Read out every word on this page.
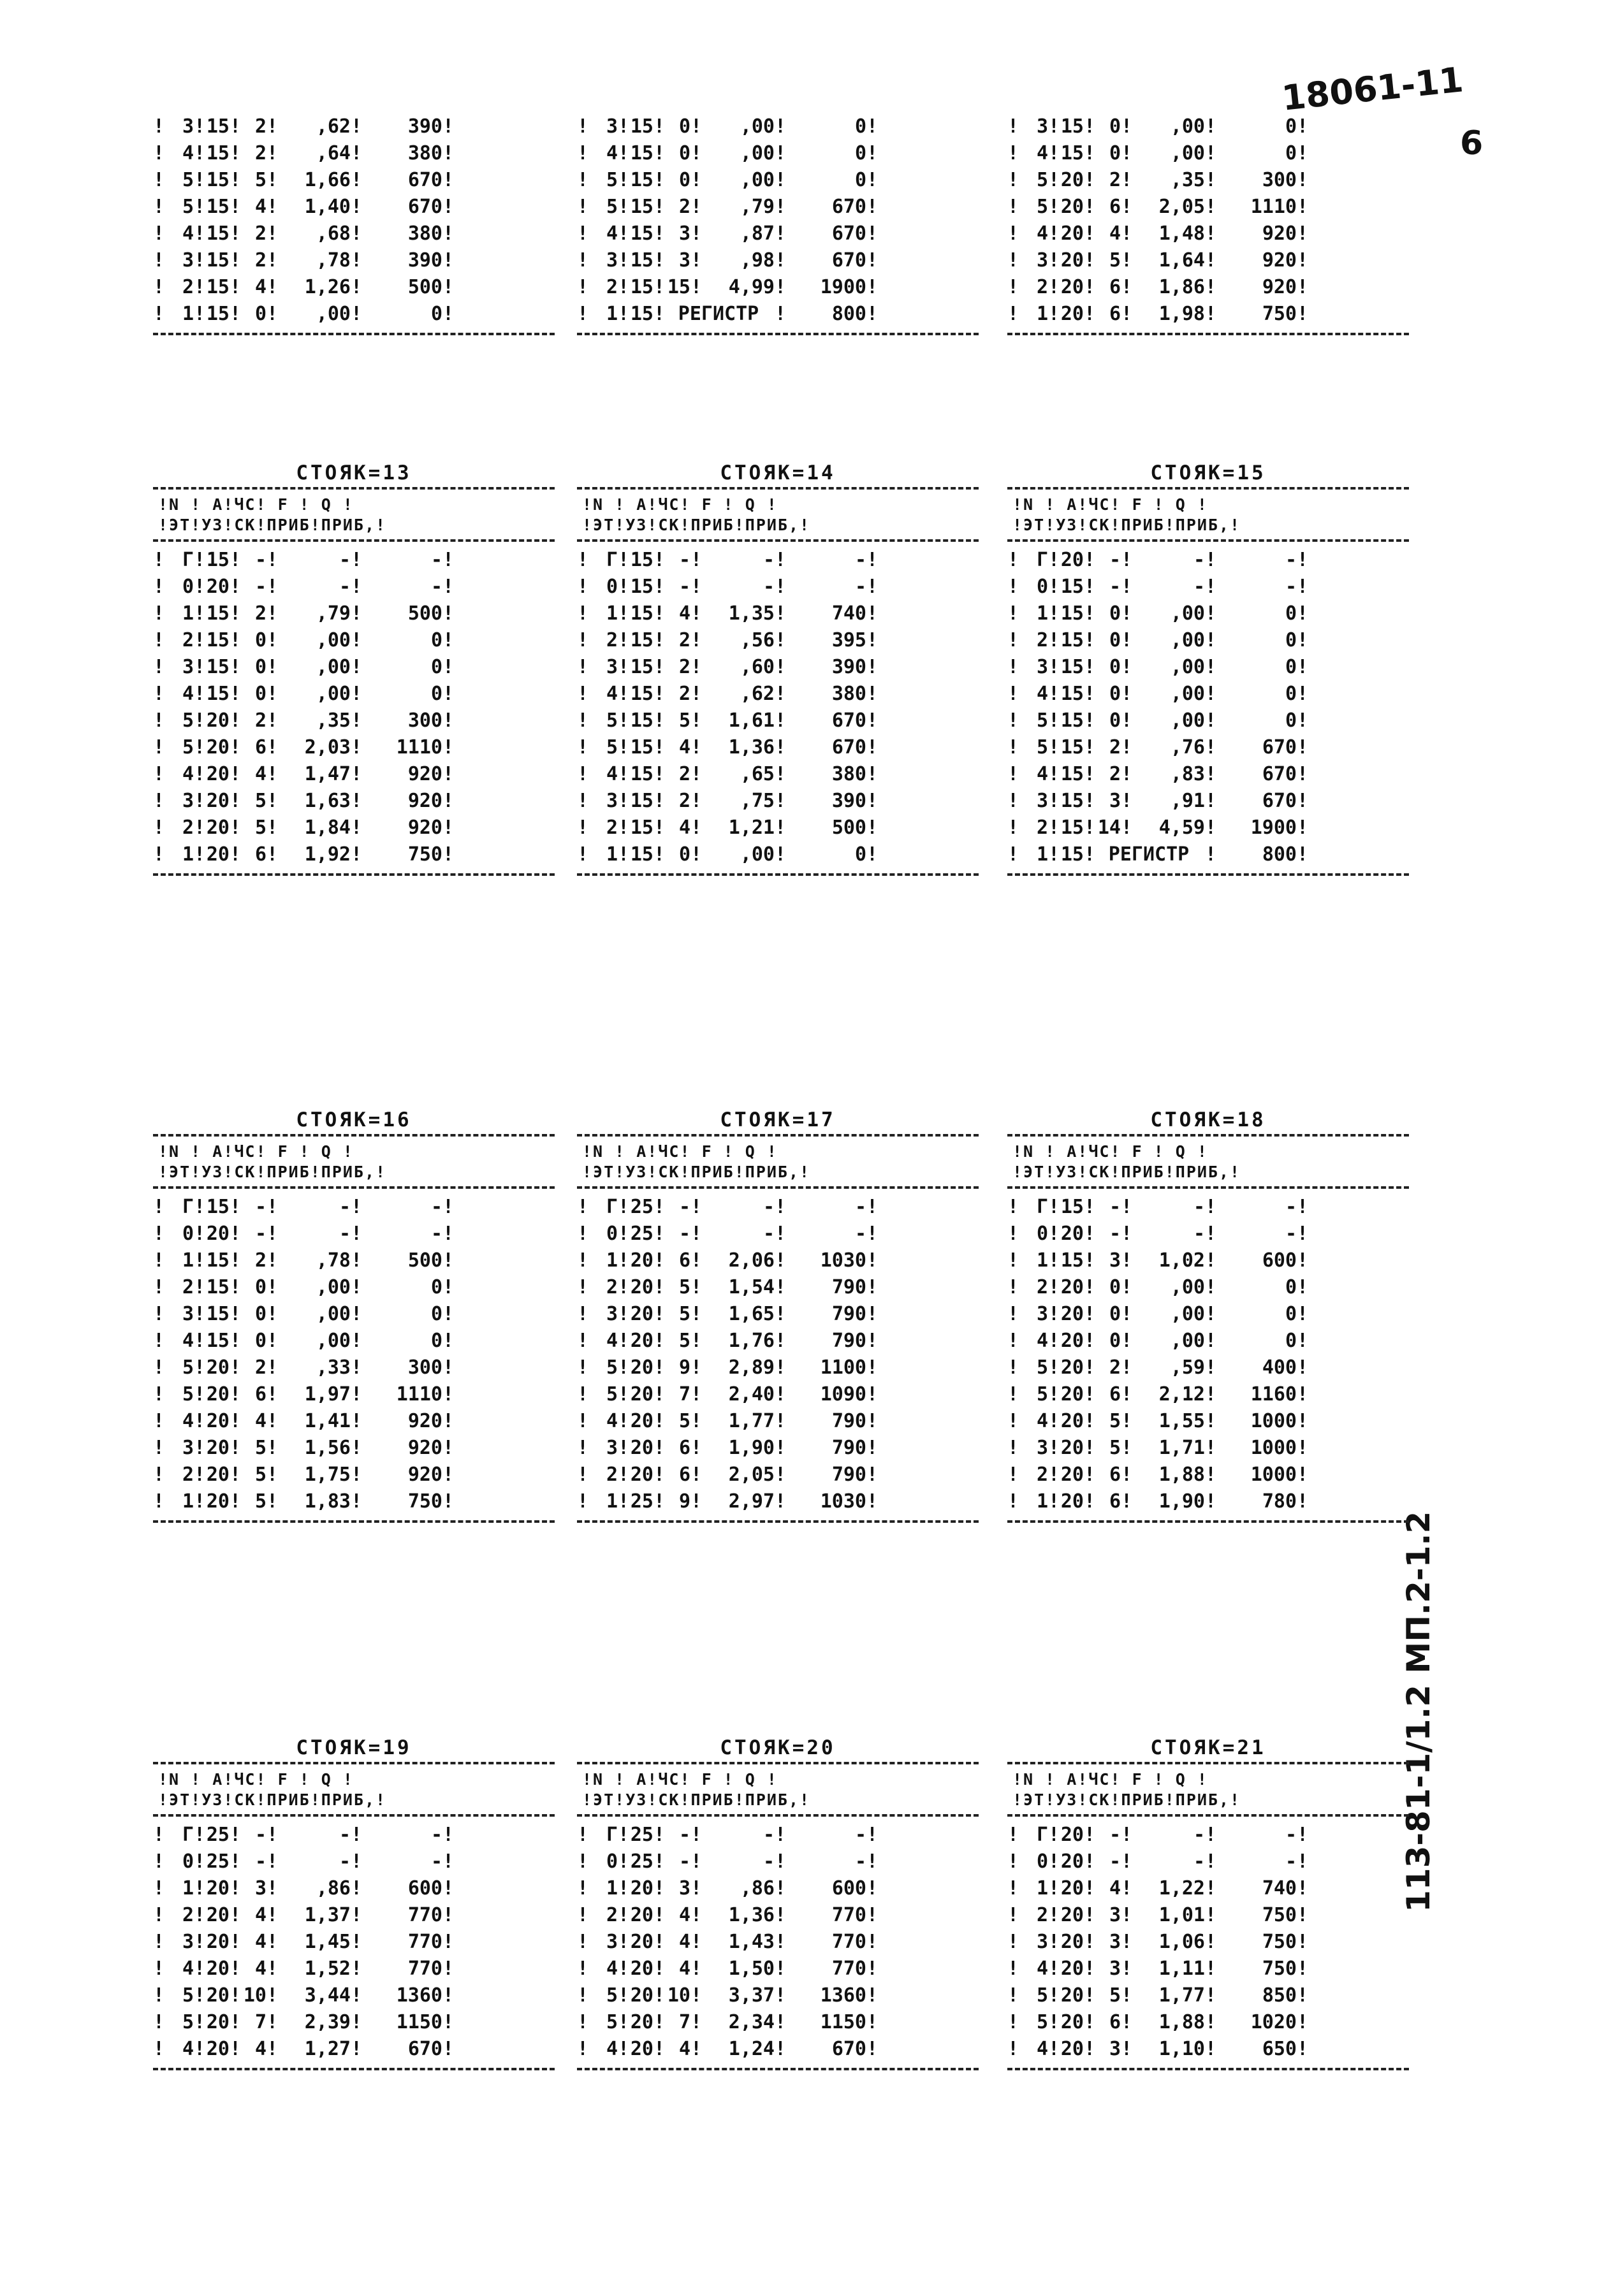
18061-11
6
113-81-1/1.2 МП.2-1.2
! 3 ! 15 ! 2 !	,62 !	390 !
! 4 ! 15 ! 2 !	,64 !	380 !
! 5 ! 15 ! 5 !	1,66 !	670 !
! 5 ! 15 ! 4 !	1,40 !	670 !
! 4 ! 15 ! 2 !	,68 !	380 !
! 3 ! 15 ! 2 !	,78 !	390 !
! 2 ! 15 ! 4 !	1,26 !	500 !
! 1 ! 15 ! 0 !	,00 !	0 !
! 3 ! 15 ! 0 !	,00 !	0 !
! 4 ! 15 ! 0 !	,00 !	0 !
! 5 ! 15 ! 0 !	,00 !	0 !
! 5 ! 15 ! 2 !	,79 !	670 !
! 4 ! 15 ! 3 !	,87 !	670 !
! 3 ! 15 ! 3 !	,98 !	670 !
! 2 ! 15 ! 15 !	4,99 !	1900 !
! 1 ! 15 ! РЕГИСТР !	800 !
! 3 ! 15 ! 0 !	,00 !	0 !
! 4 ! 15 ! 0 !	,00 !	0 !
! 5 ! 20 ! 2 !	,35 !	300 !
! 5 ! 20 ! 6 !	2,05 !	1110 !
! 4 ! 20 ! 4 !	1,48 !	920 !
! 3 ! 20 ! 5 !	1,64 !	920 !
! 2 ! 20 ! 6 !	1,86 !	920 !
! 1 ! 20 ! 6 !	1,98 !	750 !
СТОЯК=13
!N ! А!ЧС! F ! Q !
!ЭТ!УЗ!СК!ПРИБ!ПРИБ,!
! Г ! 15 ! - !	- !	- !
! 0 ! 20 ! - !	- !	- !
! 1 ! 15 ! 2 !	,79 !	500 !
! 2 ! 15 ! 0 !	,00 !	0 !
! 3 ! 15 ! 0 !	,00 !	0 !
! 4 ! 15 ! 0 !	,00 !	0 !
! 5 ! 20 ! 2 !	,35 !	300 !
! 5 ! 20 ! 6 !	2,03 !	1110 !
! 4 ! 20 ! 4 !	1,47 !	920 !
! 3 ! 20 ! 5 !	1,63 !	920 !
! 2 ! 20 ! 5 !	1,84 !	920 !
! 1 ! 20 ! 6 !	1,92 !	750 !
СТОЯК=14
!N ! А!ЧС! F ! Q !
!ЭТ!УЗ!СК!ПРИБ!ПРИБ,!
! Г ! 15 ! - !	- !	- !
! 0 ! 15 ! - !	- !	- !
! 1 ! 15 ! 4 !	1,35 !	740 !
! 2 ! 15 ! 2 !	,56 !	395 !
! 3 ! 15 ! 2 !	,60 !	390 !
! 4 ! 15 ! 2 !	,62 !	380 !
! 5 ! 15 ! 5 !	1,61 !	670 !
! 5 ! 15 ! 4 !	1,36 !	670 !
! 4 ! 15 ! 2 !	,65 !	380 !
! 3 ! 15 ! 2 !	,75 !	390 !
! 2 ! 15 ! 4 !	1,21 !	500 !
! 1 ! 15 ! 0 !	,00 !	0 !
СТОЯК=15
!N ! А!ЧС! F ! Q !
!ЭТ!УЗ!СК!ПРИБ!ПРИБ,!
! Г ! 20 ! - !	- !	- !
! 0 ! 15 ! - !	- !	- !
! 1 ! 15 ! 0 !	,00 !	0 !
! 2 ! 15 ! 0 !	,00 !	0 !
! 3 ! 15 ! 0 !	,00 !	0 !
! 4 ! 15 ! 0 !	,00 !	0 !
! 5 ! 15 ! 0 !	,00 !	0 !
! 5 ! 15 ! 2 !	,76 !	670 !
! 4 ! 15 ! 2 !	,83 !	670 !
! 3 ! 15 ! 3 !	,91 !	670 !
! 2 ! 15 ! 14 !	4,59 !	1900 !
! 1 ! 15 ! РЕГИСТР !	800 !
СТОЯК=16
!N ! А!ЧС! F ! Q !
!ЭТ!УЗ!СК!ПРИБ!ПРИБ,!
! Г ! 15 ! - !	- !	- !
! 0 ! 20 ! - !	- !	- !
! 1 ! 15 ! 2 !	,78 !	500 !
! 2 ! 15 ! 0 !	,00 !	0 !
! 3 ! 15 ! 0 !	,00 !	0 !
! 4 ! 15 ! 0 !	,00 !	0 !
! 5 ! 20 ! 2 !	,33 !	300 !
! 5 ! 20 ! 6 !	1,97 !	1110 !
! 4 ! 20 ! 4 !	1,41 !	920 !
! 3 ! 20 ! 5 !	1,56 !	920 !
! 2 ! 20 ! 5 !	1,75 !	920 !
! 1 ! 20 ! 5 !	1,83 !	750 !
СТОЯК=17
!N ! А!ЧС! F ! Q !
!ЭТ!УЗ!СК!ПРИБ!ПРИБ,!
! Г ! 25 ! - !	- !	- !
! 0 ! 25 ! - !	- !	- !
! 1 ! 20 ! 6 !	2,06 !	1030 !
! 2 ! 20 ! 5 !	1,54 !	790 !
! 3 ! 20 ! 5 !	1,65 !	790 !
! 4 ! 20 ! 5 !	1,76 !	790 !
! 5 ! 20 ! 9 !	2,89 !	1100 !
! 5 ! 20 ! 7 !	2,40 !	1090 !
! 4 ! 20 ! 5 !	1,77 !	790 !
! 3 ! 20 ! 6 !	1,90 !	790 !
! 2 ! 20 ! 6 !	2,05 !	790 !
! 1 ! 25 ! 9 !	2,97 !	1030 !
СТОЯК=18
!N ! А!ЧС! F ! Q !
!ЭТ!УЗ!СК!ПРИБ!ПРИБ,!
! Г ! 15 ! - !	- !	- !
! 0 ! 20 ! - !	- !	- !
! 1 ! 15 ! 3 !	1,02 !	600 !
! 2 ! 20 ! 0 !	,00 !	0 !
! 3 ! 20 ! 0 !	,00 !	0 !
! 4 ! 20 ! 0 !	,00 !	0 !
! 5 ! 20 ! 2 !	,59 !	400 !
! 5 ! 20 ! 6 !	2,12 !	1160 !
! 4 ! 20 ! 5 !	1,55 !	1000 !
! 3 ! 20 ! 5 !	1,71 !	1000 !
! 2 ! 20 ! 6 !	1,88 !	1000 !
! 1 ! 20 ! 6 !	1,90 !	780 !
СТОЯК=19
!N ! А!ЧС! F ! Q !
!ЭТ!УЗ!СК!ПРИБ!ПРИБ,!
! Г ! 25 ! - !	- !	- !
! 0 ! 25 ! - !	- !	- !
! 1 ! 20 ! 3 !	,86 !	600 !
! 2 ! 20 ! 4 !	1,37 !	770 !
! 3 ! 20 ! 4 !	1,45 !	770 !
! 4 ! 20 ! 4 !	1,52 !	770 !
! 5 ! 20 ! 10 !	3,44 !	1360 !
! 5 ! 20 ! 7 !	2,39 !	1150 !
! 4 ! 20 ! 4 !	1,27 !	670 !
СТОЯК=20
!N ! А!ЧС! F ! Q !
!ЭТ!УЗ!СК!ПРИБ!ПРИБ,!
! Г ! 25 ! - !	- !	- !
! 0 ! 25 ! - !	- !	- !
! 1 ! 20 ! 3 !	,86 !	600 !
! 2 ! 20 ! 4 !	1,36 !	770 !
! 3 ! 20 ! 4 !	1,43 !	770 !
! 4 ! 20 ! 4 !	1,50 !	770 !
! 5 ! 20 ! 10 !	3,37 !	1360 !
! 5 ! 20 ! 7 !	2,34 !	1150 !
! 4 ! 20 ! 4 !	1,24 !	670 !
СТОЯК=21
!N ! А!ЧС! F ! Q !
!ЭТ!УЗ!СК!ПРИБ!ПРИБ,!
! Г ! 20 ! - !	- !	- !
! 0 ! 20 ! - !	- !	- !
! 1 ! 20 ! 4 !	1,22 !	740 !
! 2 ! 20 ! 3 !	1,01 !	750 !
! 3 ! 20 ! 3 !	1,06 !	750 !
! 4 ! 20 ! 3 !	1,11 !	750 !
! 5 ! 20 ! 5 !	1,77 !	850 !
! 5 ! 20 ! 6 !	1,88 !	1020 !
! 4 ! 20 ! 3 !	1,10 !	650 !
